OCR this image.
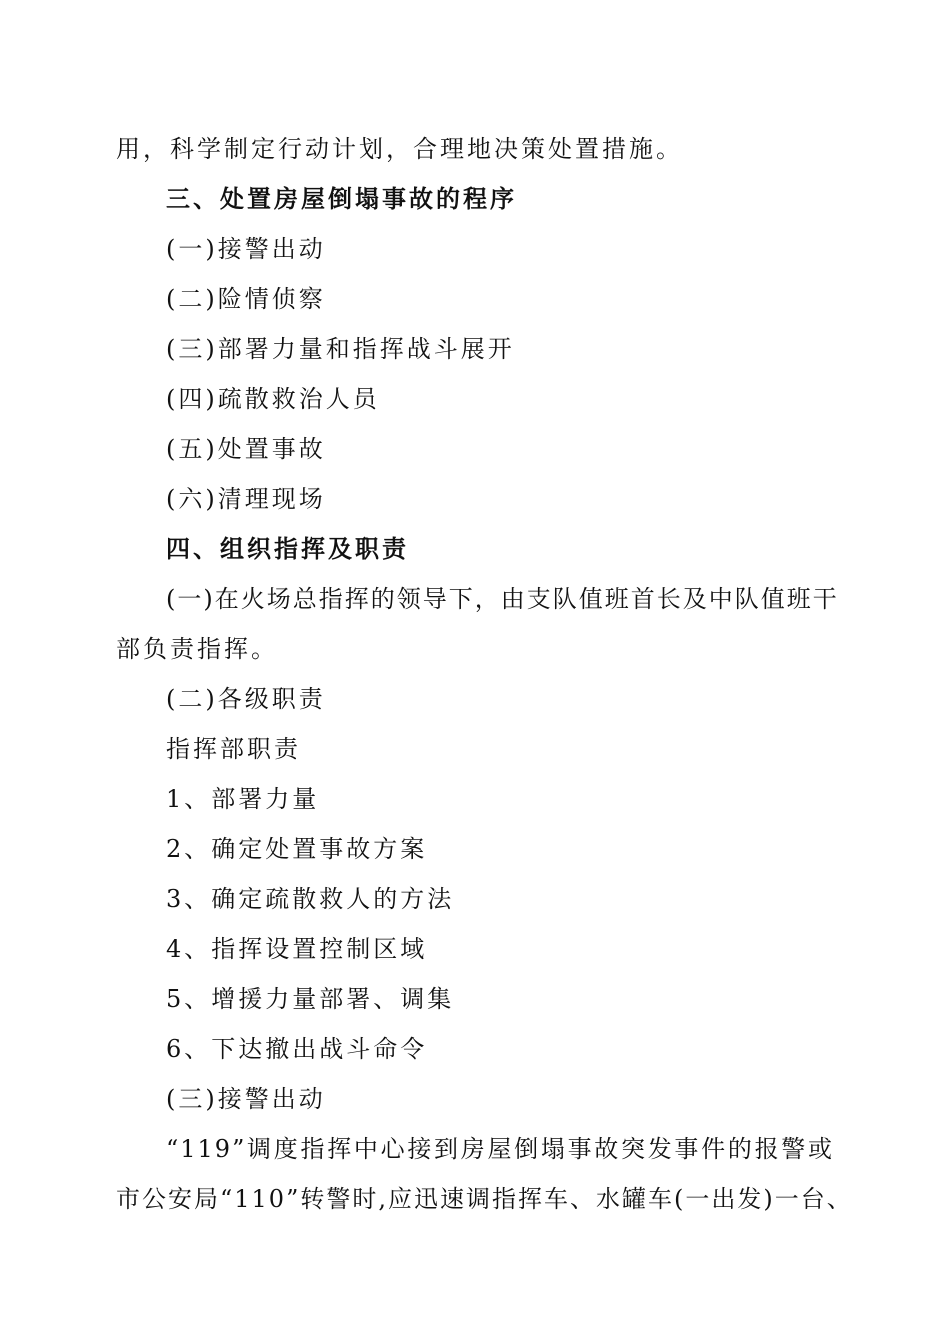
用，科学制定行动计划，合理地决策处置措施。
三、处置房屋倒塌事故的程序
(一)接警出动
(二)险情侦察
(三)部署力量和指挥战斗展开
(四)疏散救治人员
(五)处置事故
(六)清理现场
四、组织指挥及职责
(一)在火场总指挥的领导下，由支队值班首长及中队值班干
部负责指挥。
(二)各级职责
指挥部职责
1、部署力量
2、确定处置事故方案
3、确定疏散救人的方法
4、指挥设置控制区域
5、增援力量部署、调集
6、下达撤出战斗命令
(三)接警出动
“119”调度指挥中心接到房屋倒塌事故突发事件的报警或
市公安局“110”转警时,应迅速调指挥车、水罐车(一出发)一台、
